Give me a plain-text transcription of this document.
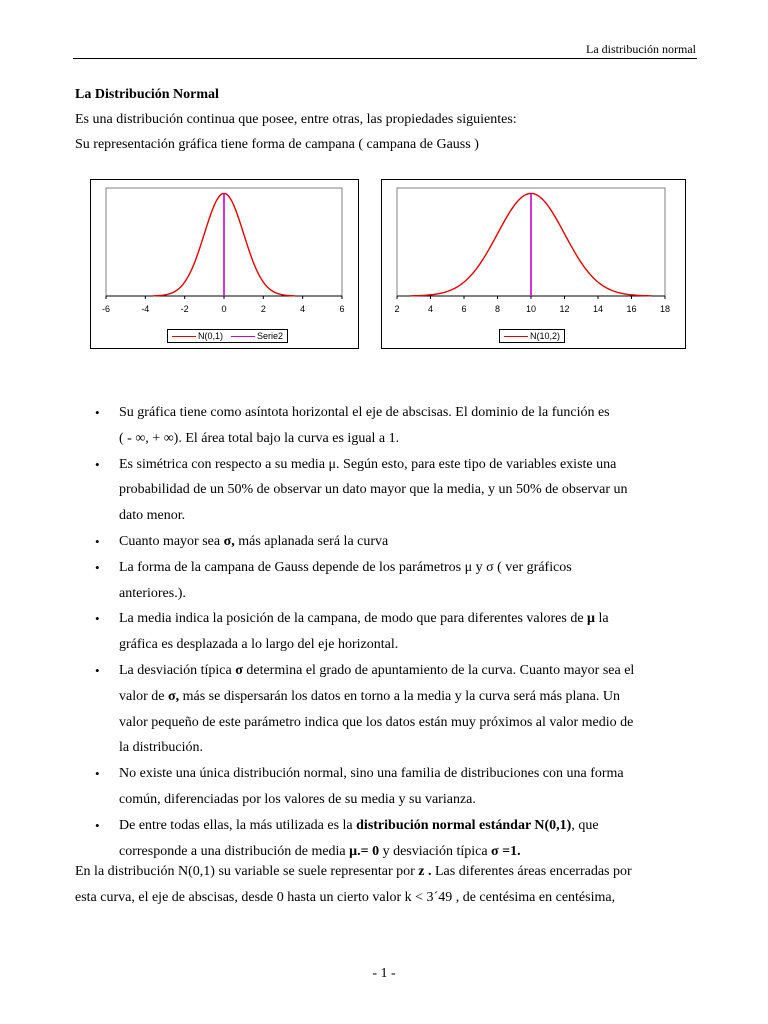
La distribución normal
La Distribución Normal
Es una distribución continua que posee, entre otras, las propiedades siguientes:
Su representación gráfica tiene forma de campana ( campana de Gauss )
-6	-4	-2	0	2	4	6
N(0,1)	Serie2
2	4	6	8	10	12	14	16	18
N(10,2)
• Su gráfica tiene como asíntota horizontal el eje de abscisas. El dominio de la función es
( - ∞, + ∞). El área total bajo la curva es igual a 1.
• Es simétrica con respecto a su media μ. Según esto, para este tipo de variables existe una
probabilidad de un 50% de observar un dato mayor que la media, y un 50% de observar un
dato menor.
• Cuanto mayor sea σ, más aplanada será la curva
• La forma de la campana de Gauss depende de los parámetros μ y σ ( ver gráficos
anteriores.).
• La media indica la posición de la campana, de modo que para diferentes valores de μ la
gráfica es desplazada a lo largo del eje horizontal.
• La desviación típica σ determina el grado de apuntamiento de la curva. Cuanto mayor sea el
valor de σ, más se dispersarán los datos en torno a la media y la curva será más plana. Un
valor pequeño de este parámetro indica que los datos están muy próximos al valor medio de
la distribución.
• No existe una única distribución normal, sino una familia de distribuciones con una forma
común, diferenciadas por los valores de su media y su varianza.
• De entre todas ellas, la más utilizada es la distribución normal estándar N(0,1), que
corresponde a una distribución de media μ.= 0 y desviación típica σ =1.
En la distribución N(0,1) su variable se suele representar por z . Las diferentes áreas encerradas por
esta curva, el eje de abscisas, desde 0 hasta un cierto valor k < 3´49 , de centésima en centésima,
- 1 -
